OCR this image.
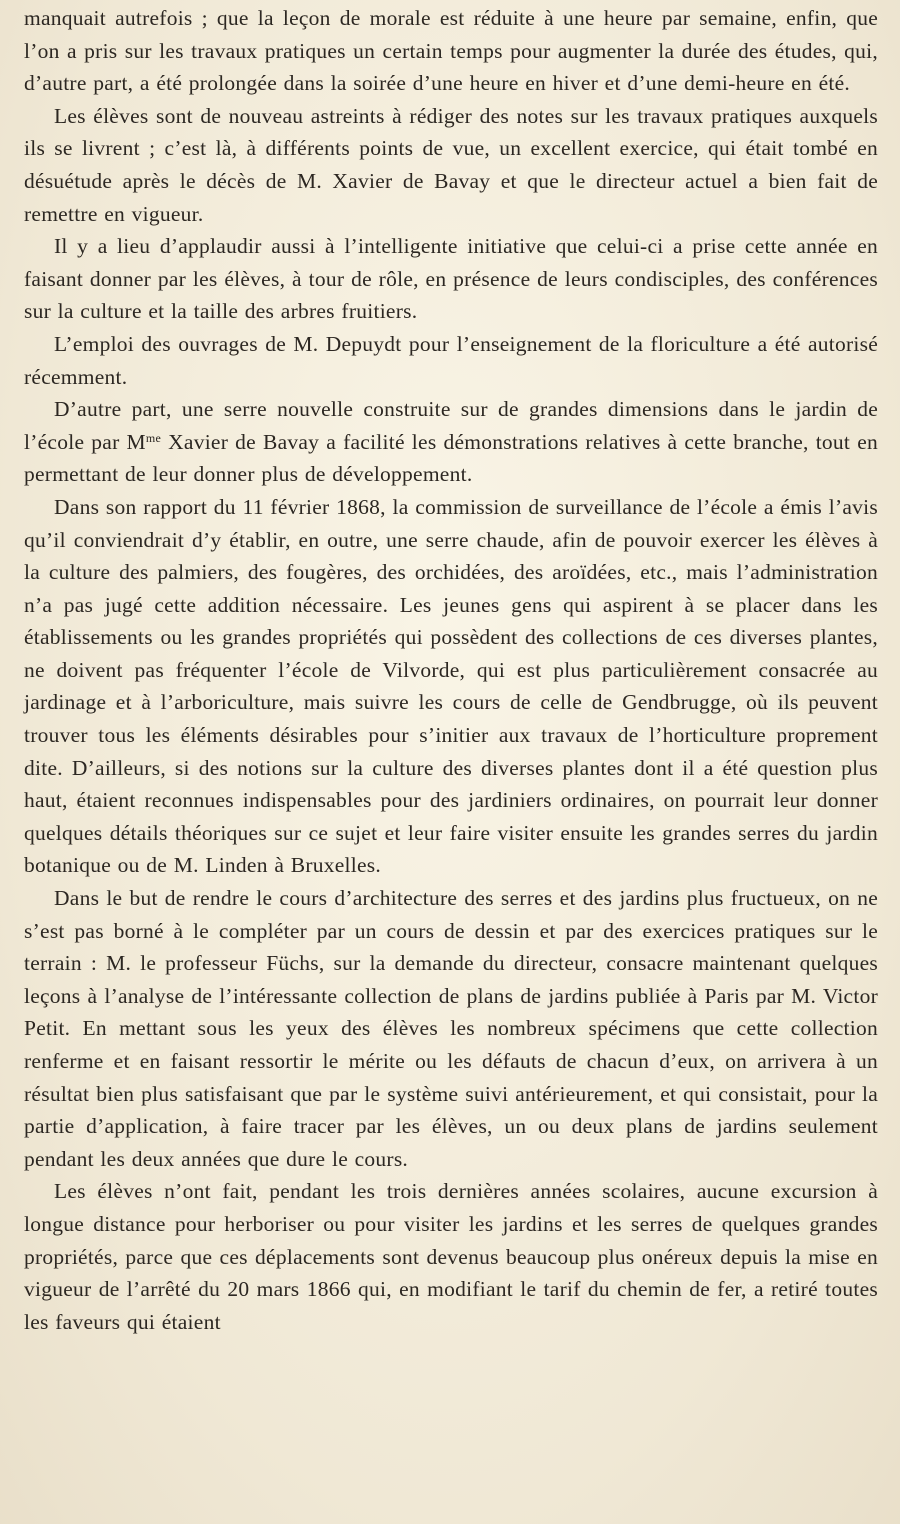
manquait autrefois ; que la leçon de morale est réduite à une heure par semaine, enfin, que l’on a pris sur les travaux pratiques un certain temps pour augmenter la durée des études, qui, d’autre part, a été prolongée dans la soirée d’une heure en hiver et d’une demi-heure en été.

Les élèves sont de nouveau astreints à rédiger des notes sur les travaux pratiques auxquels ils se livrent ; c’est là, à différents points de vue, un excellent exercice, qui était tombé en désuétude après le décès de M. Xavier de Bavay et que le directeur actuel a bien fait de remettre en vigueur.

Il y a lieu d’applaudir aussi à l’intelligente initiative que celui-ci a prise cette année en faisant donner par les élèves, à tour de rôle, en présence de leurs condisciples, des conférences sur la culture et la taille des arbres fruitiers.

L’emploi des ouvrages de M. Depuydt pour l’enseignement de la floriculture a été autorisé récemment.

D’autre part, une serre nouvelle construite sur de grandes dimensions dans le jardin de l’école par $M^{me}$ Xavier de Bavay a facilité les démonstrations relatives à cette branche, tout en permettant de leur donner plus de développement.

Dans son rapport du 11 février 1868, la commission de surveillance de l’école a émis l’avis qu’il conviendrait d’y établir, en outre, une serre chaude, afin de pouvoir exercer les élèves à la culture des palmiers, des fougères, des orchidées, des aroïdées, etc., mais l’administration n’a pas jugé cette addition nécessaire. Les jeunes gens qui aspirent à se placer dans les établissements ou les grandes propriétés qui possèdent des collections de ces diverses plantes, ne doivent pas fréquenter l’école de Vilvorde, qui est plus particulièrement consacrée au jardinage et à l’arboriculture, mais suivre les cours de celle de Gendbrugge, où ils peuvent trouver tous les éléments désirables pour s’initier aux travaux de l’horticulture proprement dite. D’ailleurs, si des notions sur la culture des diverses plantes dont il a été question plus haut, étaient reconnues indispensables pour des jardiniers ordinaires, on pourrait leur donner quelques détails théoriques sur ce sujet et leur faire visiter ensuite les grandes serres du jardin botanique ou de M. Linden à Bruxelles.

Dans le but de rendre le cours d’architecture des serres et des jardins plus fructueux, on ne s’est pas borné à le compléter par un cours de dessin et par des exercices pratiques sur le terrain : M. le professeur Füchs, sur la demande du directeur, consacre maintenant quelques leçons à l’analyse de l’intéressante collection de plans de jardins publiée à Paris par M. Victor Petit. En mettant sous les yeux des élèves les nombreux spécimens que cette collection renferme et en faisant ressortir le mérite ou les défauts de chacun d’eux, on arrivera à un résultat bien plus satisfaisant que par le système suivi antérieurement, et qui consistait, pour la partie d’application, à faire tracer par les élèves, un ou deux plans de jardins seulement pendant les deux années que dure le cours.

Les élèves n’ont fait, pendant les trois dernières années scolaires, aucune excursion à longue distance pour herboriser ou pour visiter les jardins et les serres de quelques grandes propriétés, parce que ces déplacements sont devenus beaucoup plus onéreux depuis la mise en vigueur de l’arrêté du 20 mars 1866 qui, en modifiant le tarif du chemin de fer, a retiré toutes les faveurs qui étaient
